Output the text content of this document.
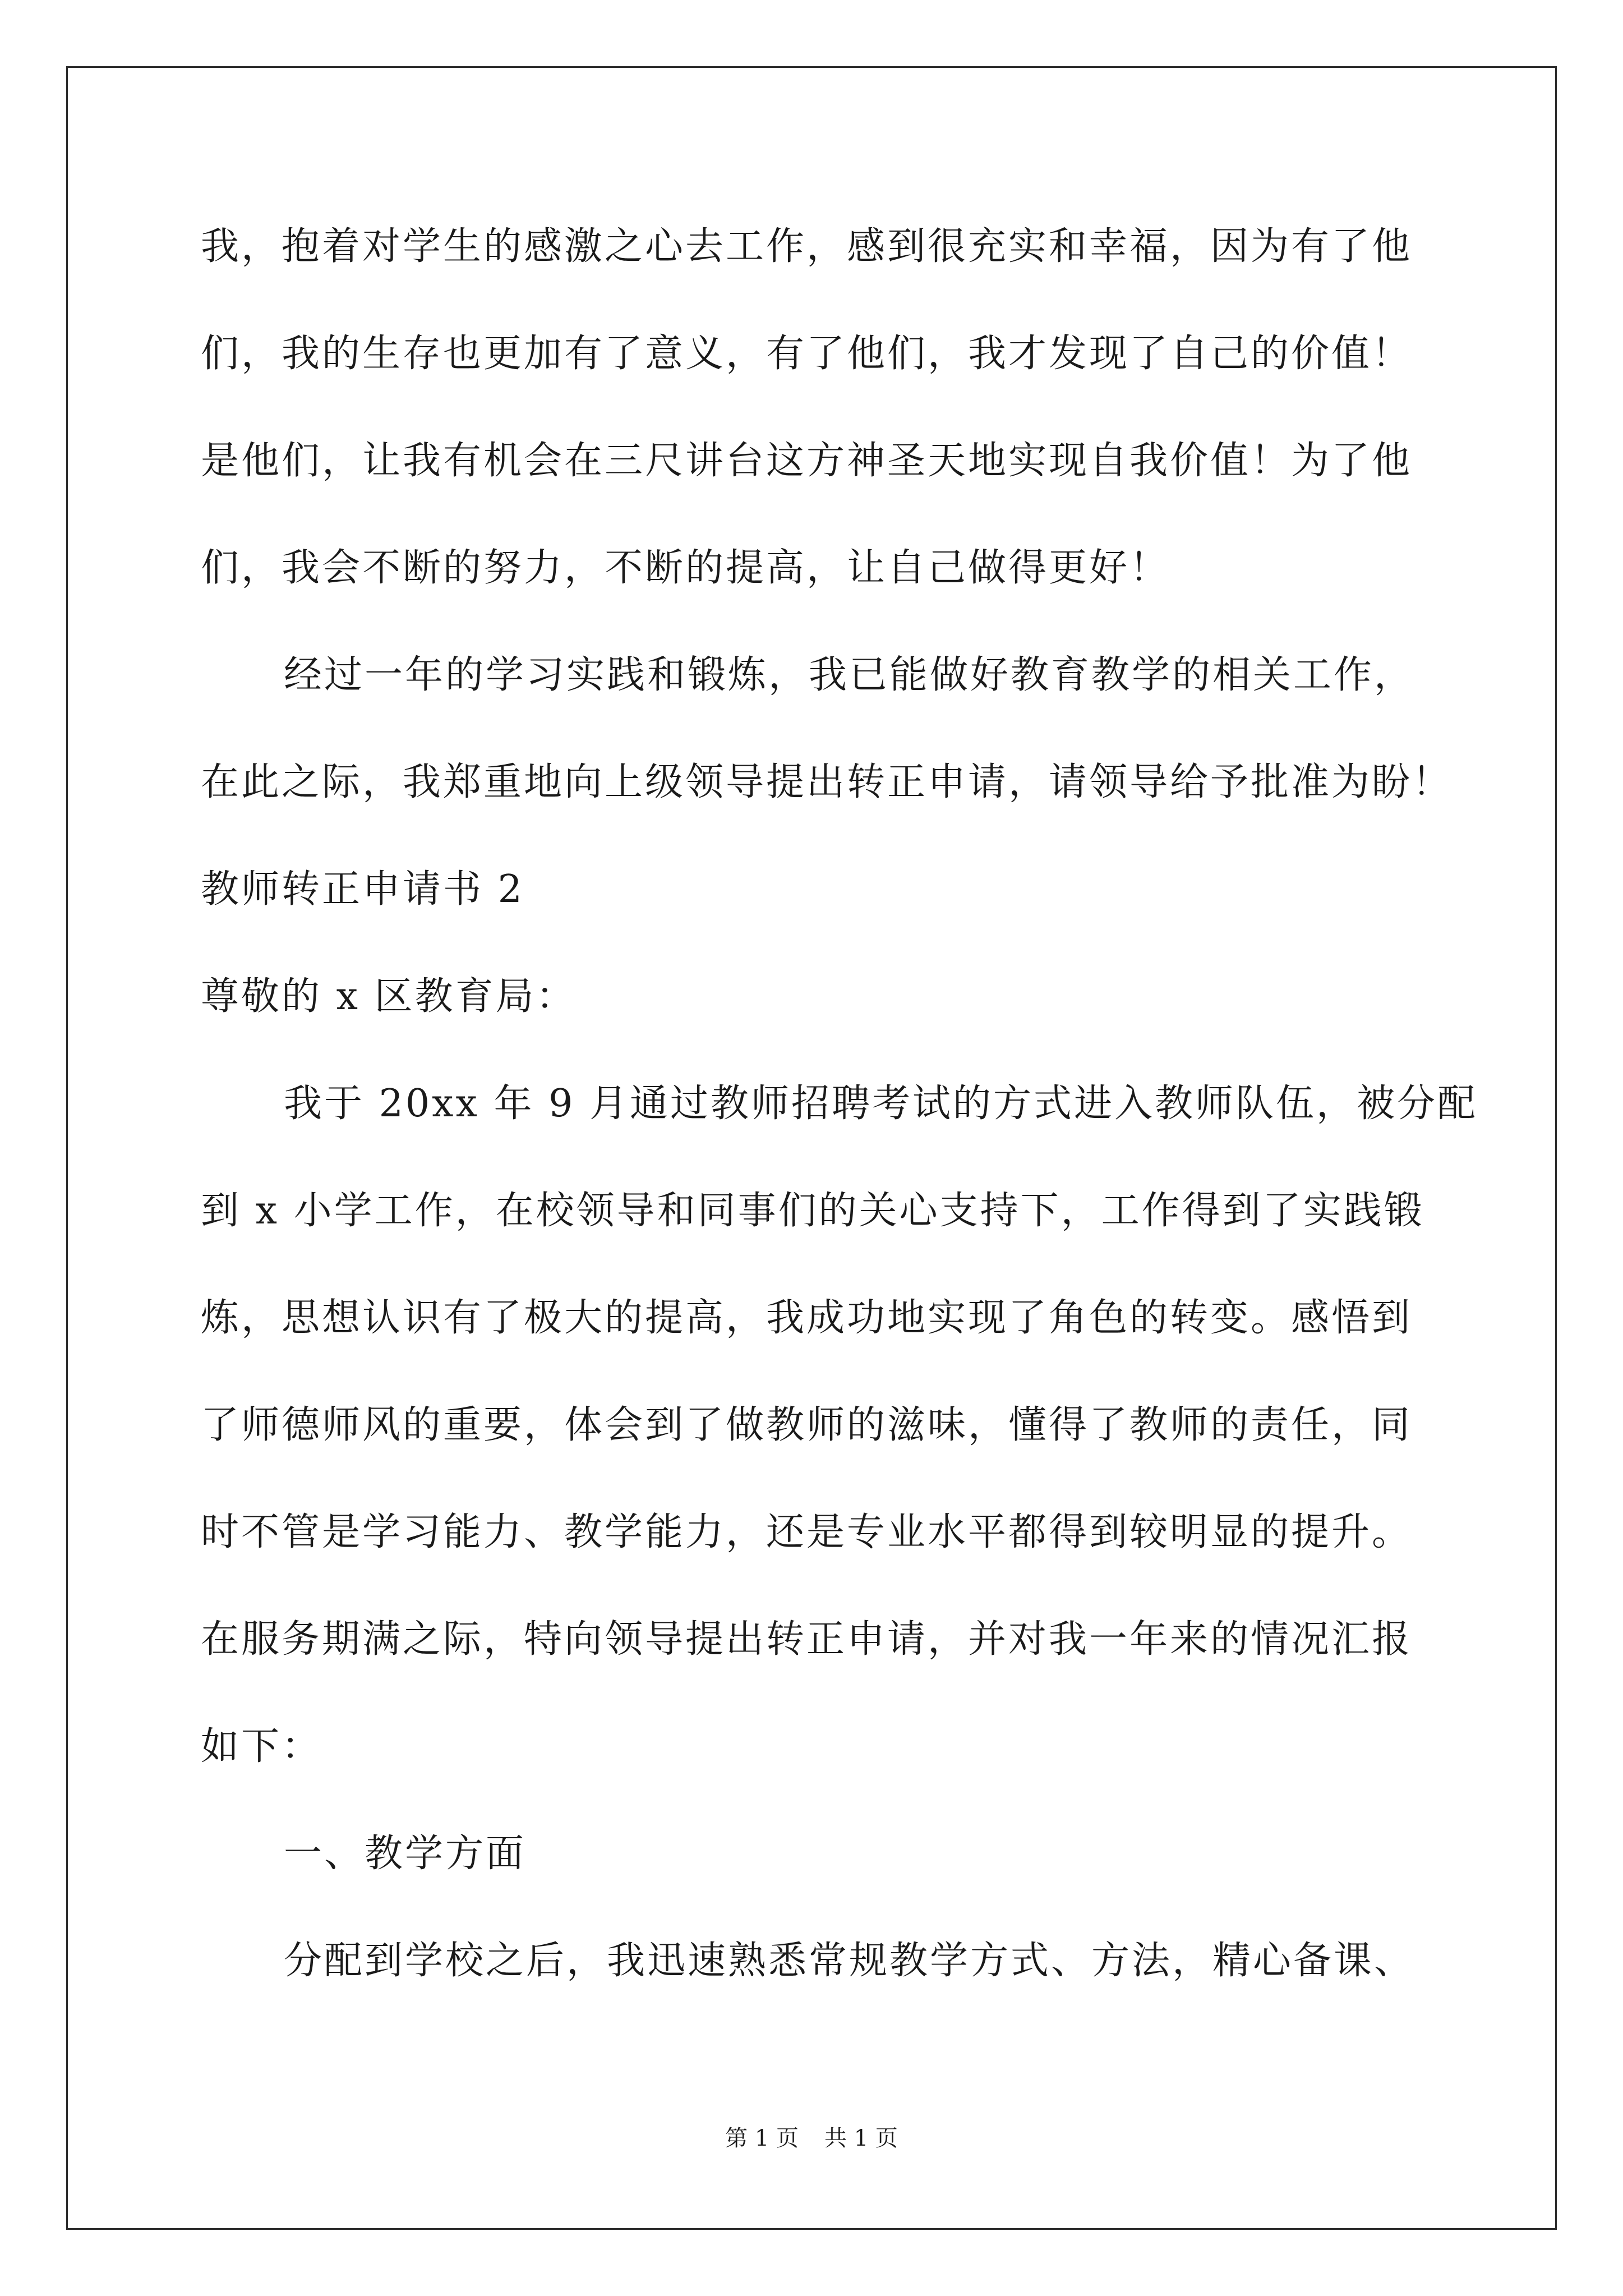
我，抱着对学生的感激之心去工作，感到很充实和幸福，因为有了他
们，我的生存也更加有了意义，有了他们，我才发现了自己的价值！
是他们，让我有机会在三尺讲台这方神圣天地实现自我价值！为了他
们，我会不断的努力，不断的提高，让自己做得更好！
经过一年的学习实践和锻炼，我已能做好教育教学的相关工作，
在此之际，我郑重地向上级领导提出转正申请，请领导给予批准为盼！
教师转正申请书 2
尊敬的 x 区教育局：
我于 20xx 年 9 月通过教师招聘考试的方式进入教师队伍，被分配
到 x 小学工作，在校领导和同事们的关心支持下，工作得到了实践锻
炼，思想认识有了极大的提高，我成功地实现了角色的转变。感悟到
了师德师风的重要，体会到了做教师的滋味，懂得了教师的责任，同
时不管是学习能力、教学能力，还是专业水平都得到较明显的提升。
在服务期满之际，特向领导提出转正申请，并对我一年来的情况汇报
如下：
一、教学方面
分配到学校之后，我迅速熟悉常规教学方式、方法，精心备课、
第 1 页 共 1 页
